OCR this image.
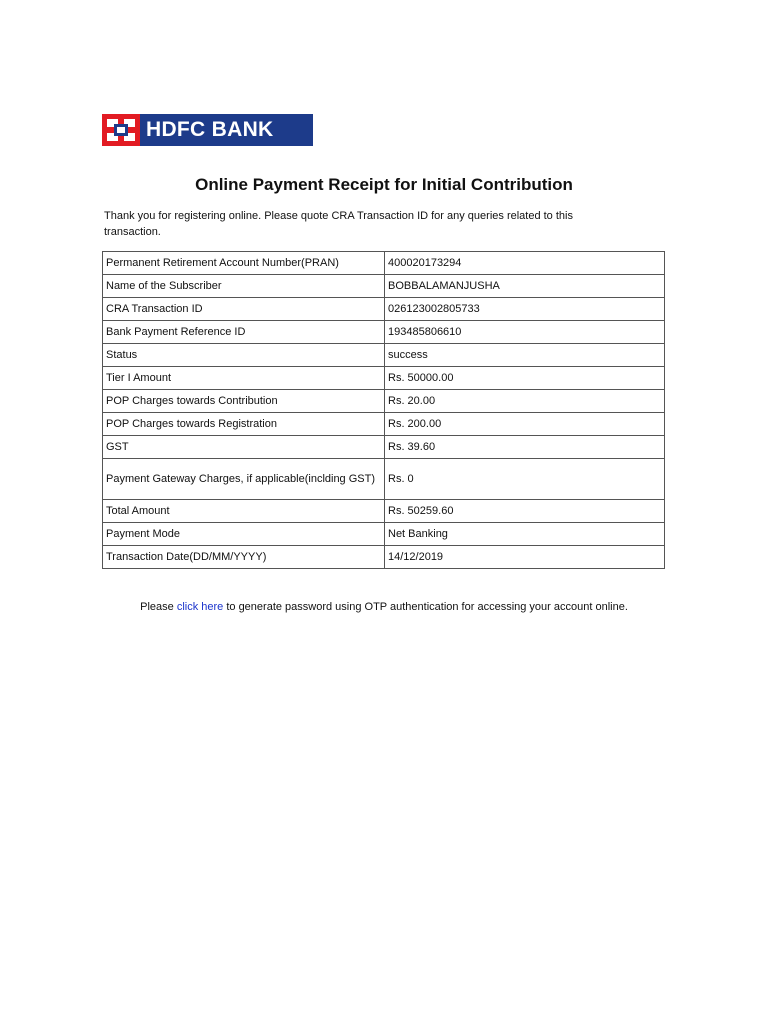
HDFC BANK
Online Payment Receipt for Initial Contribution
Thank you for registering online. Please quote CRA Transaction ID for any queries related to this transaction.
Permanent Retirement Account Number(PRAN)	400020173294
Name of the Subscriber	BOBBALAMANJUSHA
CRA Transaction ID	026123002805733
Bank Payment Reference ID	193485806610
Status	success
Tier I Amount	Rs. 50000.00
POP Charges towards Contribution	Rs. 20.00
POP Charges towards Registration	Rs. 200.00
GST	Rs. 39.60
Payment Gateway Charges, if applicable(inclding GST)	Rs. 0
Total Amount	Rs. 50259.60
Payment Mode	Net Banking
Transaction Date(DD/MM/YYYY)	14/12/2019
Please click here to generate password using OTP authentication for accessing your account online.
